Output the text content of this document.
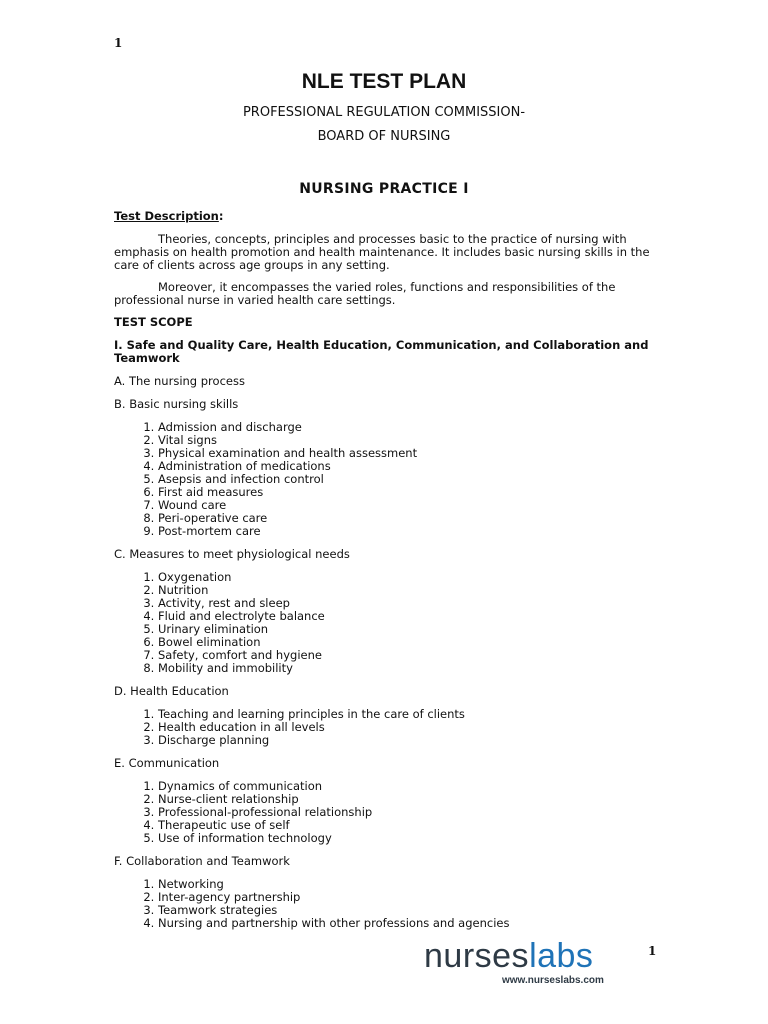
1
NLE TEST PLAN
PROFESSIONAL REGULATION COMMISSION-
BOARD OF NURSING
NURSING PRACTICE I

Test Description:

Theories, concepts, principles and processes basic to the practice of nursing with emphasis on health promotion and health maintenance. It includes basic nursing skills in the care of clients across age groups in any setting.

Moreover, it encompasses the varied roles, functions and responsibilities of the professional nurse in varied health care settings.

TEST SCOPE

I. Safe and Quality Care, Health Education, Communication, and Collaboration and Teamwork

A. The nursing process

B. Basic nursing skills

1. Admission and discharge
2. Vital signs
3. Physical examination and health assessment
4. Administration of medications
5. Asepsis and infection control
6. First aid measures
7. Wound care
8. Peri-operative care
9. Post-mortem care

C. Measures to meet physiological needs

1. Oxygenation
2. Nutrition
3. Activity, rest and sleep
4. Fluid and electrolyte balance
5. Urinary elimination
6. Bowel elimination
7. Safety, comfort and hygiene
8. Mobility and immobility

D. Health Education

1. Teaching and learning principles in the care of clients
2. Health education in all levels
3. Discharge planning

E. Communication

1. Dynamics of communication
2. Nurse-client relationship
3. Professional-professional relationship
4. Therapeutic use of self
5. Use of information technology

F. Collaboration and Teamwork

1. Networking
2. Inter-agency partnership
3. Teamwork strategies
4. Nursing and partnership with other professions and agencies
nurseslabs
www.nurseslabs.com
1
